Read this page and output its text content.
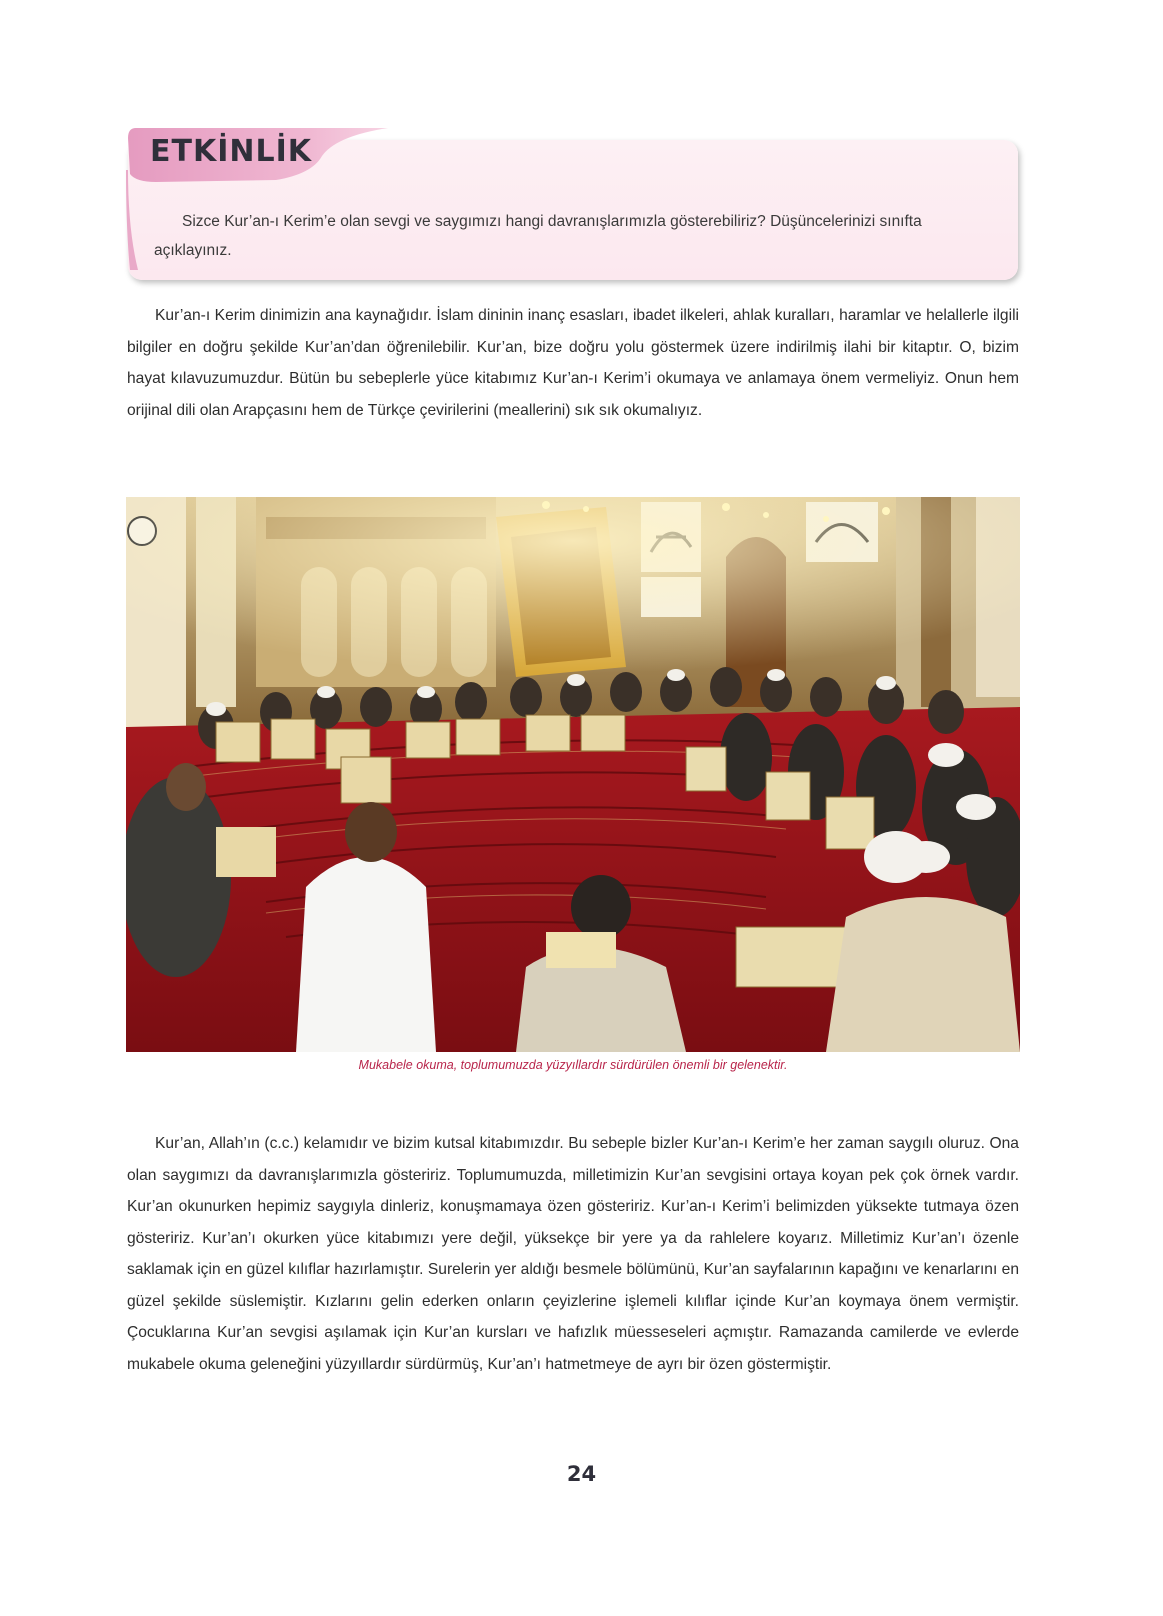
ETKİNLİK

Sizce Kur’an-ı Kerim’e olan sevgi ve saygımızı hangi davranışlarımızla gösterebiliriz? Düşüncelerinizi sınıfta açıklayınız.

Kur’an-ı Kerim dinimizin ana kaynağıdır. İslam dininin inanç esasları, ibadet ilkeleri, ahlak kuralları, haramlar ve helallerle ilgili bilgiler en doğru şekilde Kur’an’dan öğrenilebilir. Kur’an, bize doğru yolu göstermek üzere indirilmiş ilahi bir kitaptır. O, bizim hayat kılavuzumuzdur. Bütün bu sebeplerle yüce kitabımız Kur’an-ı Kerim’i okumaya ve anlamaya önem vermeliyiz. Onun hem orijinal dili olan Arapçasını hem de Türkçe çevirilerini (meallerini) sık sık okumalıyız.

Mukabele okuma, toplumumuzda yüzyıllardır sürdürülen önemli bir gelenektir.

Kur’an, Allah’ın (c.c.) kelamıdır ve bizim kutsal kitabımızdır. Bu sebeple bizler Kur’an-ı Kerim’e her zaman saygılı oluruz. Ona olan saygımızı da davranışlarımızla gösteririz. Toplumumuzda, milletimizin Kur’an sevgisini ortaya koyan pek çok örnek vardır. Kur’an okunurken hepimiz saygıyla dinleriz, konuşmamaya özen gösteririz. Kur’an-ı Kerim’i belimizden yüksekte tutmaya özen gösteririz. Kur’an’ı okurken yüce kitabımızı yere değil, yüksekçe bir yere ya da rahlelere koyarız. Milletimiz Kur’an’ı özenle saklamak için en güzel kılıflar hazırlamıştır. Surelerin yer aldığı besmele bölümünü, Kur’an sayfalarının kapağını ve kenarlarını en güzel şekilde süslemiştir. Kızlarını gelin ederken onların çeyizlerine işlemeli kılıflar içinde Kur’an koymaya önem vermiştir. Çocuklarına Kur’an sevgisi aşılamak için Kur’an kursları ve hafızlık müesseseleri açmıştır. Ramazanda camilerde ve evlerde mukabele okuma geleneğini yüzyıllardır sürdürmüş, Kur’an’ı hatmetmeye de ayrı bir özen göstermiştir.

24
